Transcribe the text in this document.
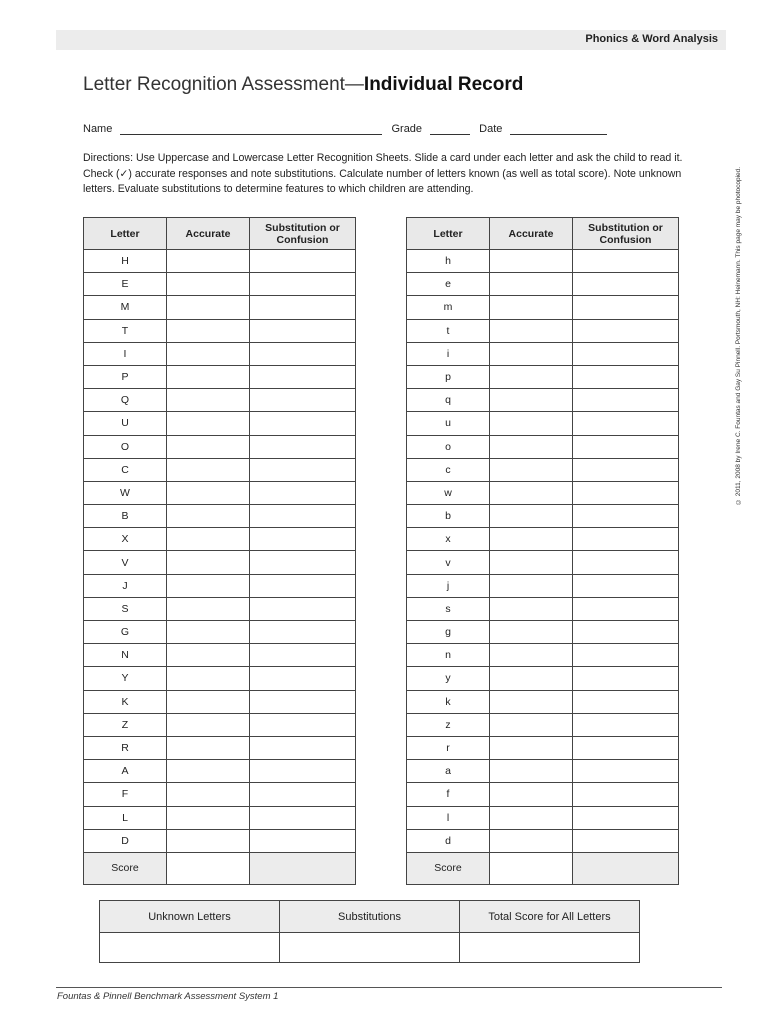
Phonics & Word Analysis
Letter Recognition Assessment—Individual Record
Name	Grade	Date
Directions: Use Uppercase and Lowercase Letter Recognition Sheets. Slide a card under each letter and ask the child to read it. Check (✓) accurate responses and note substitutions. Calculate number of letters known (as well as total score). Note unknown letters. Evaluate substitutions to determine features to which children are attending.
Letter	Accurate	Substitution or Confusion
H		
E		
M		
T		
I		
P		
Q		
U		
O		
C		
W		
B		
X		
V		
J		
S		
G		
N		
Y		
K		
Z		
R		
A		
F		
L		
D		
Score		
Letter	Accurate	Substitution or Confusion
h		
e		
m		
t		
i		
p		
q		
u		
o		
c		
w		
b		
x		
v		
j		
s		
g		
n		
y		
k		
z		
r		
a		
f		
l		
d		
Score		
Unknown Letters	Substitutions	Total Score for All Letters

© 2011, 2008 by Irene C. Fountas and Gay Su Pinnell. Portsmouth, NH: Heinemann. This page may be photocopied.
Fountas & Pinnell Benchmark Assessment System 1
